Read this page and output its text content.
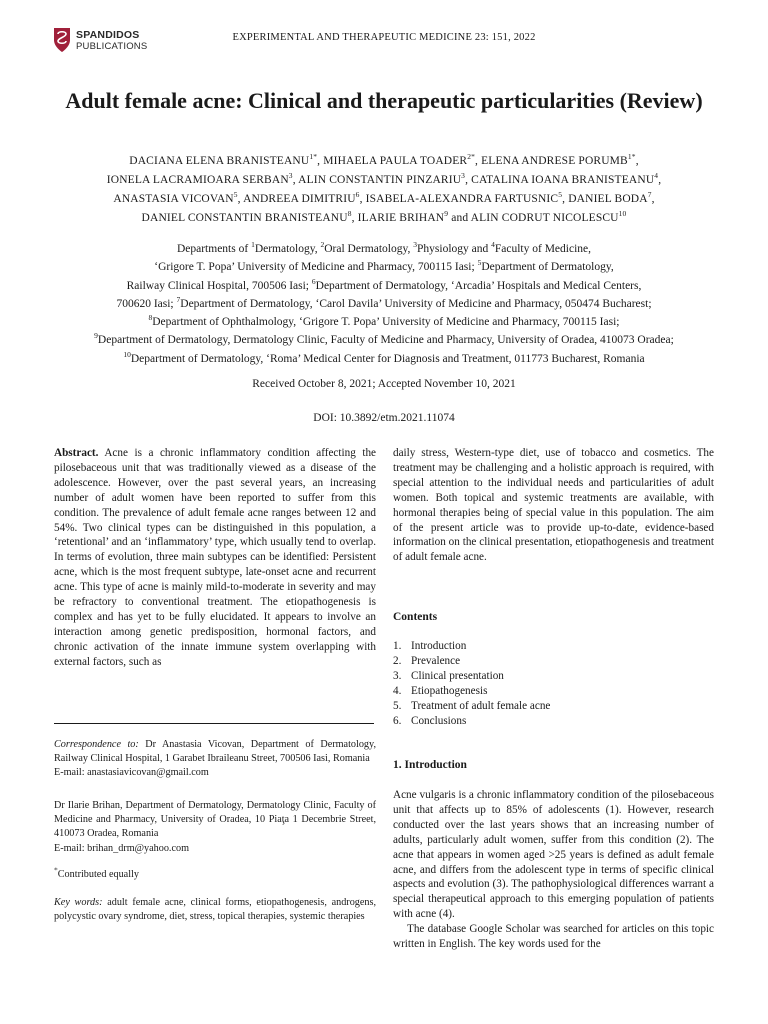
SPANDIDOS
PUBLICATIONS
EXPERIMENTAL AND THERAPEUTIC MEDICINE 23: 151, 2022
Adult female acne: Clinical and therapeutic particularities (Review)
DACIANA ELENA $BRANISTEANU^{1*}$, MIHAELA PAULA $TOADER^{2*}$, ELENA ANDRESE $PORUMB^{1*}$,
IONELA LACRAMIOARA SERBAN$^3$, ALIN CONSTANTIN PINZARIU$^3$, CATALINA IOANA BRANISTEANU$^4$,
ANASTASIA VICOVAN$^5$, ANDREEA DIMITRIU$^6$, ISABELA-ALEXANDRA FARTUSNIC$^5$, DANIEL BODA$^7$,
DANIEL CONSTANTIN BRANISTEANU$^8$, ILARIE BRIHAN$^9$ and ALIN CODRUT NICOLESCU$^{10}$
Departments of $^1$Dermatology, $^2$Oral Dermatology, $^3$Physiology and $^4$Faculty of Medicine,
‘Grigore T. Popa’ University of Medicine and Pharmacy, 700115 Iasi; $^5$Department of Dermatology,
Railway Clinical Hospital, 700506 Iasi; $^6$Department of Dermatology, ‘Arcadia’ Hospitals and Medical Centers,
700620 Iasi; $^7$Department of Dermatology, ‘Carol Davila’ University of Medicine and Pharmacy, 050474 Bucharest;
$^8$Department of Ophthalmology, ‘Grigore T. Popa’ University of Medicine and Pharmacy, 700115 Iasi;
$^9$Department of Dermatology, Dermatology Clinic, Faculty of Medicine and Pharmacy, University of Oradea, 410073 Oradea;
$^{10}$Department of Dermatology, ‘Roma’ Medical Center for Diagnosis and Treatment, 011773 Bucharest, Romania
Received October 8, 2021; Accepted November 10, 2021
DOI: 10.3892/etm.2021.11074
Abstract. Acne is a chronic inflammatory condition affecting the pilosebaceous unit that was traditionally viewed as a disease of the adolescence. However, over the past several years, an increasing number of adult women have been reported to suffer from this condition. The prevalence of adult female acne ranges between 12 and 54%. Two clinical types can be distinguished in this population, a ‘retentional’ and an ‘inflammatory’ type, which usually tend to overlap. In terms of evolution, three main subtypes can be identified: Persistent acne, which is the most frequent subtype, late-onset acne and recurrent acne. This type of acne is mainly mild-to-moderate in severity and may be refractory to conventional treatment. The etiopathogenesis is complex and has yet to be fully elucidated. It appears to involve an interaction among genetic predisposition, hormonal factors, and chronic activation of the innate immune system overlapping with external factors, such as

Correspondence to: Dr Anastasia Vicovan, Department of Dermatology, Railway Clinical Hospital, 1 Garabet Ibraileanu Street, 700506 Iasi, Romania

E-mail: anastasiavicovan@gmail.com

Dr Ilarie Brihan, Department of Dermatology, Dermatology Clinic, Faculty of Medicine and Pharmacy, University of Oradea, 10 Piaţa 1 Decembrie Street, 410073 Oradea, Romania

E-mail: brihan_drm@yahoo.com

*Contributed equally

Key words: adult female acne, clinical forms, etiopathogenesis, androgens, polycystic ovary syndrome, diet, stress, topical therapies, systemic therapies

daily stress, Western-type diet, use of tobacco and cosmetics. The treatment may be challenging and a holistic approach is required, with special attention to the individual needs and particularities of adult women. Both topical and systemic treatments are available, with hormonal therapies being of special value in this population. The aim of the present article was to provide up-to-date, evidence-based information on the clinical presentation, etiopathogenesis and treatment of adult female acne.
Contents
1. Introduction
2. Prevalence
3. Clinical presentation
4. Etiopathogenesis
5. Treatment of adult female acne
6. Conclusions
1. Introduction

Acne vulgaris is a chronic inflammatory condition of the pilosebaceous unit that affects up to 85% of adolescents (1). However, research conducted over the last years shows that an increasing number of adults, particularly adult women, suffer from this condition (2). The acne that appears in women aged >25 years is defined as adult female acne, and differs from the adolescent type in terms of specific clinical aspects and evolution (3). The pathophysiological differences warrant a special therapeutical approach to this emerging population of patients with acne (4).

The database Google Scholar was searched for articles on this topic written in English. The key words used for the
